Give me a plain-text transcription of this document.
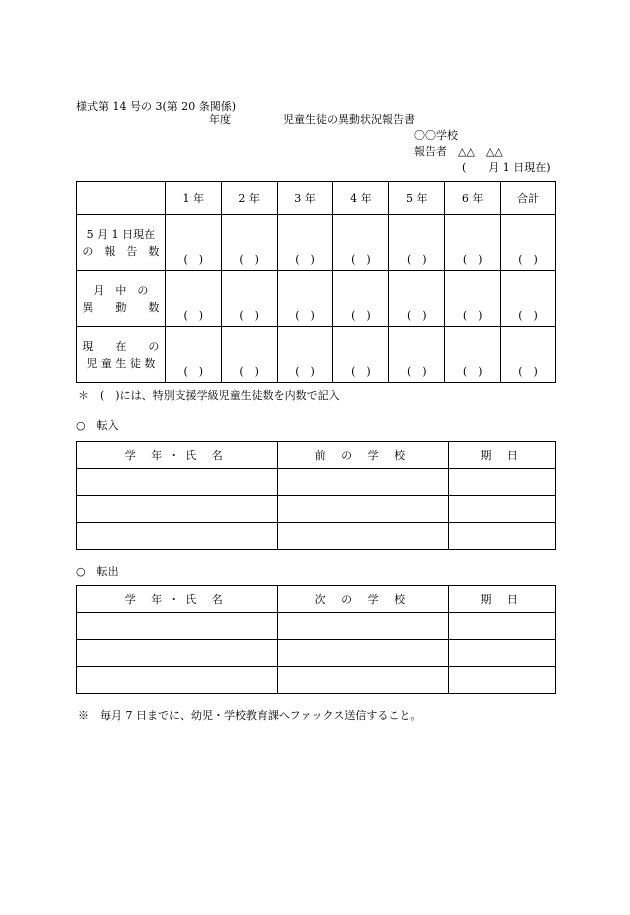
様式第 14 号の 3(第 20 条関係)
年度	児童生徒の異動状況報告書
〇〇学校
報告者　△△　△△
(　　月 1 日現在)
	1 年	2 年	3 年	4 年	5 年	6 年	合計

5 月 1 日現在
の　報　告　数	(　)	(　)	(　)	(　)	(　)	(　)	(　)

月　中　の
異　　動　　数	(　)	(　)	(　)	(　)	(　)	(　)	(　)

現　　在　　の
児 童 生 徒 数	(　)	(　)	(　)	(　)	(　)	(　)	(　)
＊　(　)には、特別支援学級児童生徒数を内数で記入
○　転入
学 年・氏 名	前 の 学 校	期 日

○　転出
学 年・氏 名	次 の 学 校	期 日

※　毎月 7 日までに、幼児・学校教育課へファックス送信すること。
